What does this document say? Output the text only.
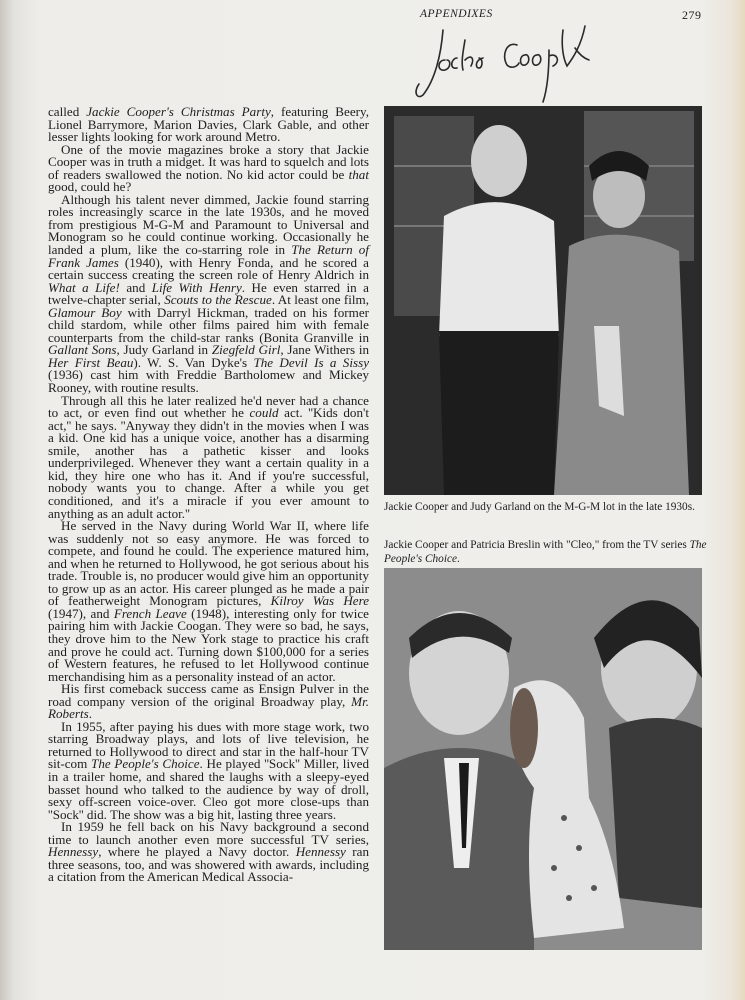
APPENDIXES	279

called Jackie Cooper's Christmas Party, featuring Beery, Lionel Barrymore, Marion Davies, Clark Gable, and other lesser lights looking for work around Metro.

One of the movie magazines broke a story that Jackie Cooper was in truth a midget. It was hard to squelch and lots of readers swallowed the notion. No kid actor could be that good, could he?

Although his talent never dimmed, Jackie found starring roles increasingly scarce in the late 1930s, and he moved from prestigious M-G-M and Paramount to Universal and Monogram so he could continue working. Occasionally he landed a plum, like the co-starring role in The Return of Frank James (1940), with Henry Fonda, and he scored a certain success creating the screen role of Henry Aldrich in What a Life! and Life With Henry. He even starred in a twelve-chapter serial, Scouts to the Rescue. At least one film, Glamour Boy with Darryl Hickman, traded on his former child stardom, while other films paired him with female counterparts from the child-star ranks (Bonita Granville in Gallant Sons, Judy Garland in Ziegfeld Girl, Jane Withers in Her First Beau). W. S. Van Dyke's The Devil Is a Sissy (1936) cast him with Freddie Bartholomew and Mickey Rooney, with routine results.

Through all this he later realized he'd never had a chance to act, or even find out whether he could act. ''Kids don't act,'' he says. ''Anyway they didn't in the movies when I was a kid. One kid has a unique voice, another has a disarming smile, another has a pathetic kisser and looks underprivileged. Whenever they want a certain quality in a kid, they hire one who has it. And if you're successful, nobody wants you to change. After a while you get conditioned, and it's a miracle if you ever amount to anything as an adult actor.''

He served in the Navy during World War II, where life was suddenly not so easy anymore. He was forced to compete, and found he could. The experience matured him, and when he returned to Hollywood, he got serious about his trade. Trouble is, no producer would give him an opportunity to grow up as an actor. His career plunged as he made a pair of featherweight Monogram pictures, Kilroy Was Here (1947), and French Leave (1948), interesting only for twice pairing him with Jackie Coogan. They were so bad, he says, they drove him to the New York stage to practice his craft and prove he could act. Turning down $100,000 for a series of Western features, he refused to let Hollywood continue merchandising him as a personality instead of an actor.

His first comeback success came as Ensign Pulver in the road company version of the original Broadway play, Mr. Roberts.

In 1955, after paying his dues with more stage work, two starring Broadway plays, and lots of live television, he returned to Hollywood to direct and star in the half-hour TV sit-com The People's Choice. He played ''Sock'' Miller, lived in a trailer home, and shared the laughs with a sleepy-eyed basset hound who talked to the audience by way of droll, sexy off-screen voice-over. Cleo got more close-ups than ''Sock'' did. The show was a big hit, lasting three years.

In 1959 he fell back on his Navy background a second time to launch another even more successful TV series, Hennessy, where he played a Navy doctor. Hennessy ran three seasons, too, and was showered with awards, including a citation from the American Medical Associa-

Jackie Cooper and Judy Garland on the M-G-M lot in the late 1930s.
Jackie Cooper and Patricia Breslin with "Cleo," from the TV series The People's Choice.
